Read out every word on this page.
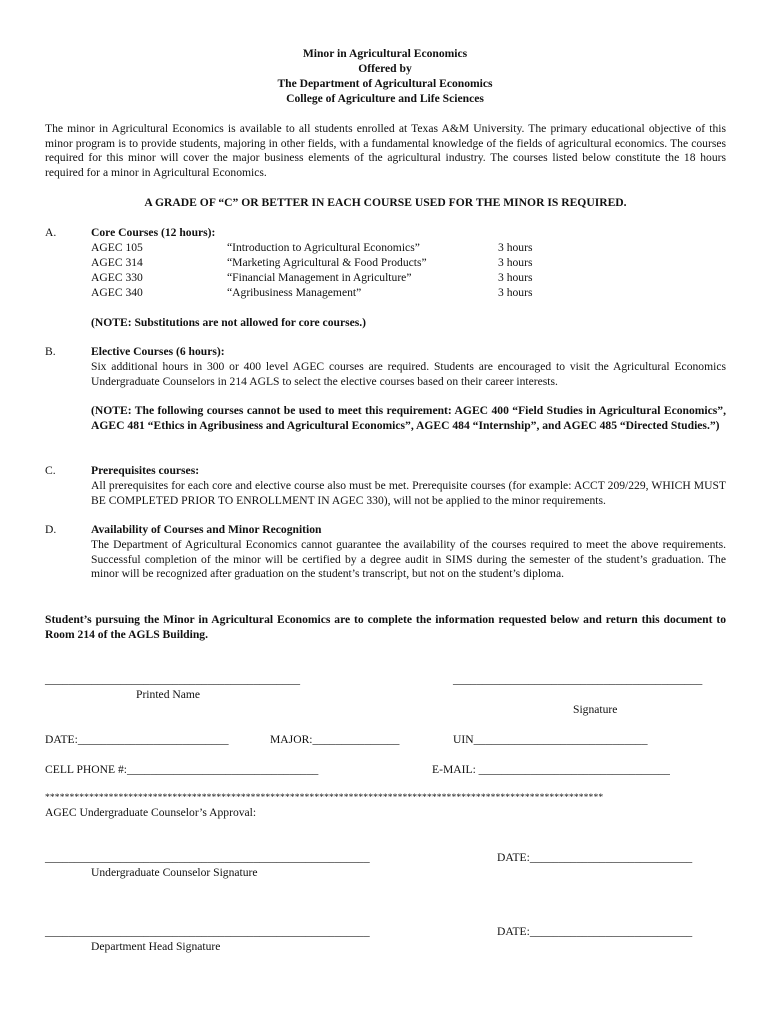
Minor in Agricultural Economics
Offered by
The Department of Agricultural Economics
College of Agriculture and Life Sciences
The minor in Agricultural Economics is available to all students enrolled at Texas A&M University. The primary educational objective of this minor program is to provide students, majoring in other fields, with a fundamental knowledge of the fields of agricultural economics. The courses required for this minor will cover the major business elements of the agricultural industry. The courses listed below constitute the 18 hours required for a minor in Agricultural Economics.
A GRADE OF “C” OR BETTER IN EACH COURSE USED FOR THE MINOR IS REQUIRED.
A.	Core Courses (12 hours):
AGEC 105	“Introduction to Agricultural Economics”	3 hours
AGEC 314	“Marketing Agricultural & Food Products”	3 hours
AGEC 330	“Financial Management in Agriculture”	3 hours
AGEC 340	“Agribusiness Management”	3 hours
(NOTE: Substitutions are not allowed for core courses.)
B.	Elective Courses (6 hours):
Six additional hours in 300 or 400 level AGEC courses are required. Students are encouraged to visit the Agricultural Economics Undergraduate Counselors in 214 AGLS to select the elective courses based on their career interests.
(NOTE: The following courses cannot be used to meet this requirement: AGEC 400 “Field Studies in Agricultural Economics”, AGEC 481 “Ethics in Agribusiness and Agricultural Economics”, AGEC 484 “Internship”, and AGEC 485 “Directed Studies.”)
C.	Prerequisites courses:
All prerequisites for each core and elective course also must be met. Prerequisite courses (for example: ACCT 209/229, WHICH MUST BE COMPLETED PRIOR TO ENROLLMENT IN AGEC 330), will not be applied to the minor requirements.
D.	Availability of Courses and Minor Recognition
The Department of Agricultural Economics cannot guarantee the availability of the courses required to meet the above requirements. Successful completion of the minor will be certified by a degree audit in SIMS during the semester of the student’s graduation. The minor will be recognized after graduation on the student’s transcript, but not on the student’s diploma.
Student’s pursuing the Minor in Agricultural Economics are to complete the information requested below and return this document to Room 214 of the AGLS Building.
____________________________________________
Printed Name
___________________________________________
Signature
DATE:__________________________	MAJOR:_______________	UIN______________________________
CELL PHONE #:_________________________________	E-MAIL: _________________________________
******************************************************************************************************************
AGEC Undergraduate Counselor’s Approval:
________________________________________________________
Undergraduate Counselor Signature
DATE:____________________________
________________________________________________________
Department Head Signature
DATE:____________________________
